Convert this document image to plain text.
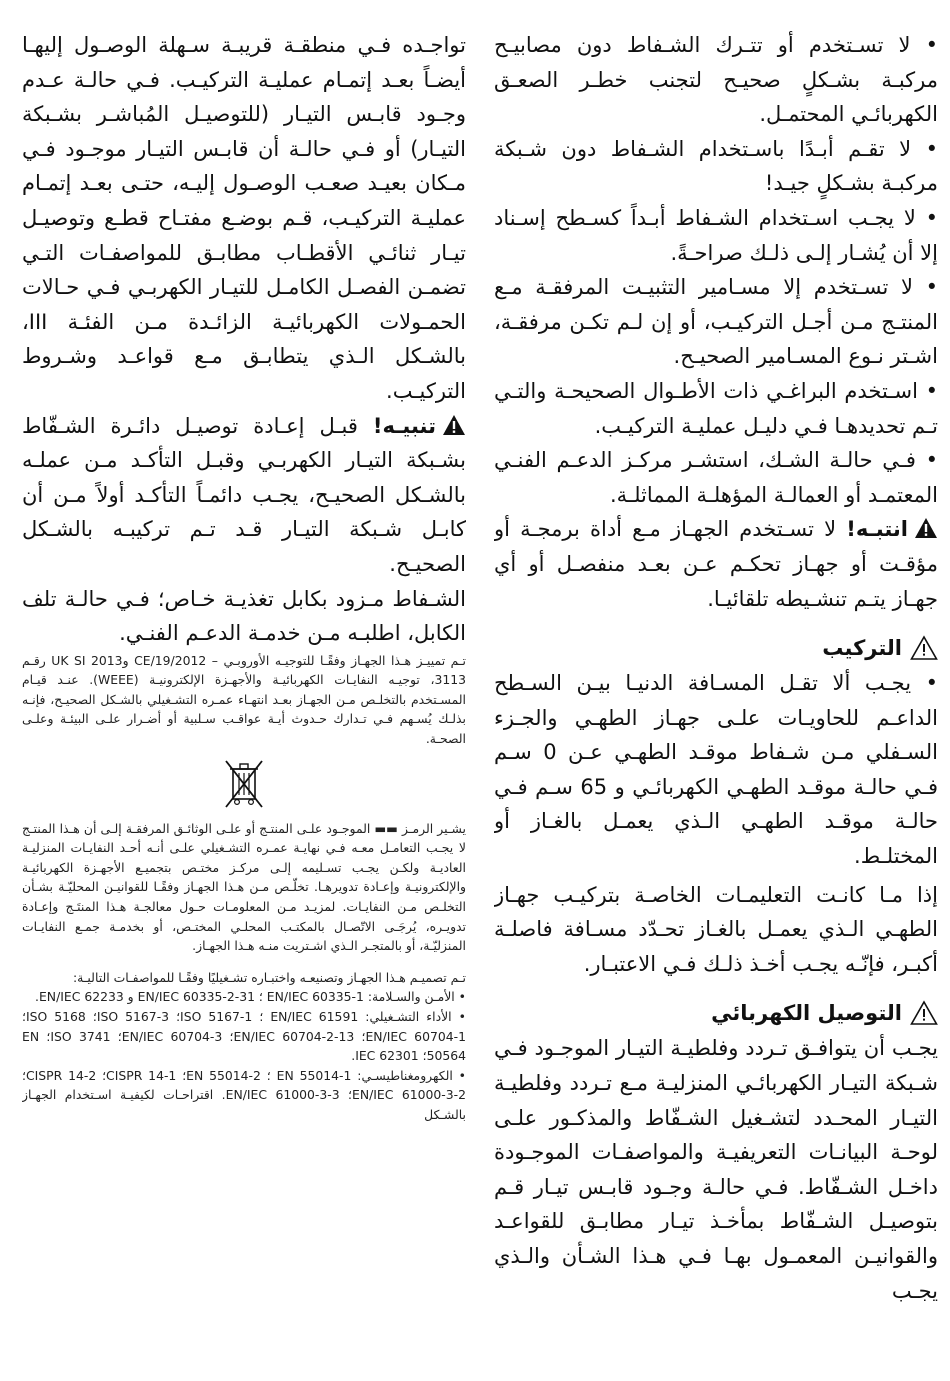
• لا تسـتخدم أو تتـرك الشـفاط دون مصابيـح مركبـة بشـكلٍ صحيـح لتجنب خطـر الصعـق الكهربائـي المحتمـل.

• لا تقـم أبـدًا باسـتخدام الشـفاط دون شـبكة مركبـة بشـكلٍ جيـد!

• لا يجـب اسـتخدام الشـفاط أبـداً كسـطح إسـناد إلا أن يُشـار إلـى ذلـك صراحـةً.

• لا تسـتخدم إلا مسـامير التثبيـت المرفقـة مـع المنتـج مـن أجـل التركيـب، أو إن لـم تكـن مرفقـة، اشـتر نـوع المسـامير الصحيـح.

• اسـتخدم البراغـي ذات الأطـوال الصحيحـة والتـي تـم تحديدهـا فـي دليـل عمليـة التركيـب.

• فـي حالـة الشـك، استشـر مركـز الدعـم الفنـي المعتمـد أو العمالـة المؤهلـة المماثلـة.

انتبـه! لا تسـتخدم الجهـاز مـع أداة برمجـة أو مؤقـت أو جهـاز تحكـم عـن بعـد منفصـل أو أي جهـاز يتـم تنشـيطه تلقائيـا.

التركيب

• يجـب ألا تقـل المسـافة الدنيـا بيـن السـطح الداعـم للحاويـات علـى جهـاز الطهـي والجـزء السـفلي مـن شـفاط موقـد الطهـي عـن 0 سـم فـي حالـة موقـد الطهـي الكهربائـي و 65 سـم فـي حالـة موقـد الطهـي الـذي يعمـل بالغـاز أو المختلـط.

إذا مـا كانـت التعليمـات الخاصـة بتركيـب جهـاز الطهـي الـذي يعمـل بالغـاز تحـدّد مسـافة فاصلـة أكبـر، فإنّـه يجـب أخـذ ذلـك فـي الاعتبـار.

التوصيل الكهربائي

يجـب أن يتوافـق تـردد وفلطيـة التيـار الموجـود فـي شـبكة التيـار الكهربائـي المنزليـة مـع تـردد وفلطيـة التيـار المحـدد لتشـغيل الشـفّاط والمذكـور علـى لوحـة البيانـات التعريفيـة والمواصفـات الموجـودة داخـل الشـفّاط. فـي حالـة وجـود قابـس تيـار قـم بتوصيـل الشـفّاط بمأخـذ تيـار مطابـق للقواعـد والقوانيـن المعمـول بهـا فـي هـذا الشـأن والـذي يجـب

تواجـده فـي منطقـة قريبـة سـهلة الوصـول إليهـا أيضـاً بعـد إتمـام عمليـة التركيـب. فـي حالـة عـدم وجـود قابـس التيـار (للتوصيـل المُباشـر بشـبكة التيـار) أو فـي حالـة أن قابـس التيـار موجـود فـي مـكان بعيـد صعـب الوصـول إليـه، حتـى بعـد إتمـام عمليـة التركيـب، قـم بوضـع مفتـاح قطـع وتوصيـل تيـار ثنائـي الأقطـاب مطابـق للمواصفـات التـي تضمـن الفصـل الكامـل للتيـار الكهربـي فـي حـالات الحمـولات الكهربائيـة الزائـدة مـن الفئـة III، بالشـكل الـذي يتطابـق مـع قواعـد وشـروط التركيـب.

تنبيـه! قبـل إعـادة توصيـل دائـرة الشـفّاط بشـبكة التيـار الكهربـي وقبـل التأكـد مـن عملـه بالشـكل الصحيـح، يجـب دائمـاً التأكـد أولاً مـن أن كابـل شـبكة التيـار قـد تـم تركيبـه بالشـكل الصحيـح.

الشـفاط مـزود بكابل تغذيـة خـاص؛ فـي حالـة تلف الكابل، اطلبـه مـن خدمـة الدعـم الفنـي.

تـم تمييـز هـذا الجهـاز وفقًـا للتوجيـه الأوروبـي – 19/2012/CE وUK SI 2013 رقـم 3113، توجيـه النفايـات الكهربائيـة والأجهـزة الإلكترونيـة (WEEE). عنـد قيـام المسـتخدم بالتخلـص مـن الجهـاز بعـد انتهـاء عمـره التشـغيلي بالشـكل الصحيـح، فإنـه بذلـك يُسـهم فـي تـدارك حـدوث أيـة عواقـب سـلبية أو أضـرار علـى البيئـة وعلـى الصحـة.

يشـير الرمـز ▬▬ الموجـود علـى المنتـج أو علـى الوثائـق المرفقـة إلـى أن هـذا المنتـج لا يجـب التعامـل معـه فـي نهايـة عمـره التشـغيلي علـى أنـه أحـد النفايـات المنزليـة العاديـة ولكـن يجـب تسـليمه إلـى مركـز مختـص بتجميـع الأجهـزة الكهربائيـة والإلكترونيـة وإعـادة تدويرهـا. تخلّـص مـن هـذا الجهـاز وفقًـا للقوانيـن المحليّـة بشـأن التخلـص مـن النفايـات. لمزيـد مـن المعلومـات حـول معالجـة هـذا المنتَـج وإعـادة تدويـره، يُرجَـى الاتّصـال بالمكتـب المحلـي المختـص، أو بخدمـة جمـع النفايـات المنزليّـة، أو بالمتجـر الـذي اشـتريت منـه هـذا الجهـاز.

تـم تصميـم هـذا الجهـاز وتصنيعـه واختبـاره تشـغيليًا وفقًـا للمواصفـات التاليـة:

• الأمـن والسـلامة: EN/IEC 60335-1 ؛ EN/IEC 60335-2-31 و EN/IEC 62233.

• الأداء التشـغيلي: EN/IEC 61591 ؛ ISO 5167-1؛ ISO 5167-3؛ ISO 5168؛ EN/IEC 60704-1؛ EN/IEC 60704-2-13؛ EN/IEC 60704-3؛ ISO 3741؛ EN 50564؛ IEC 62301.

• الكهرومغناطيسـي: EN 55014-1 ؛ EN 55014-2؛ CISPR 14-1؛ CISPR 14-2؛ EN/IEC 61000-3-2؛ EN/IEC 61000-3-3. اقتراحـات لكيفيـة اسـتخدام الجهـاز بالشـكل
